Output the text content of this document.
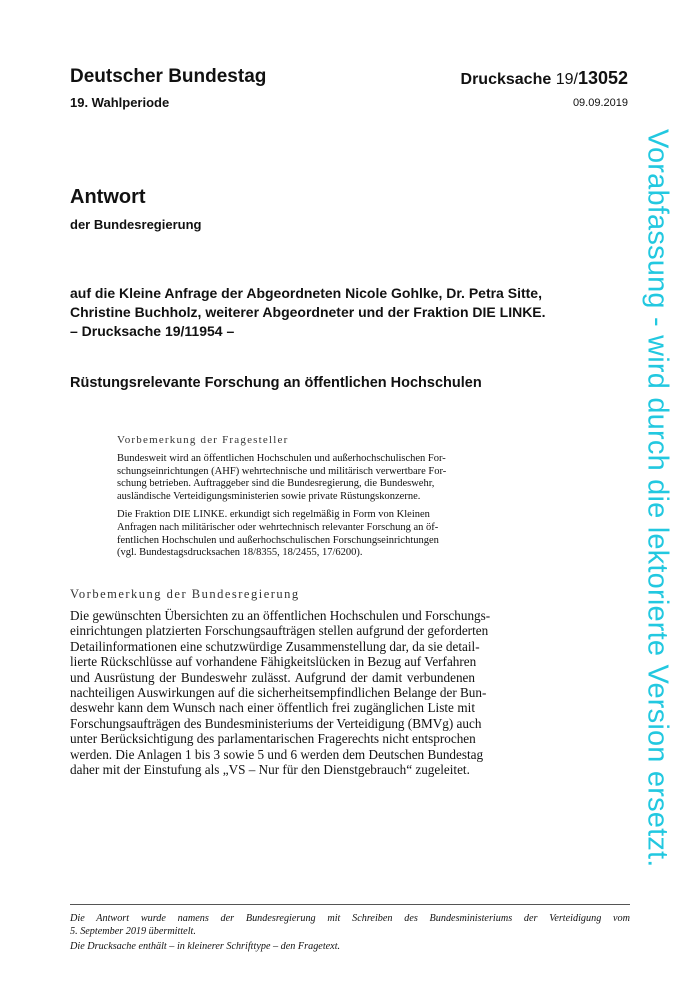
Deutscher Bundestag	Drucksache 19/13052
19. Wahlperiode	09.09.2019
Antwort
der Bundesregierung
auf die Kleine Anfrage der Abgeordneten Nicole Gohlke, Dr. Petra Sitte,
Christine Buchholz, weiterer Abgeordneter und der Fraktion DIE LINKE.
– Drucksache 19/11954 –
Rüstungsrelevante Forschung an öffentlichen Hochschulen
Vorbemerkung der Fragesteller

Bundesweit wird an öffentlichen Hochschulen und außerhochschulischen For-
schungseinrichtungen (AHF) wehrtechnische und militärisch verwertbare For-
schung betrieben. Auftraggeber sind die Bundesregierung, die Bundeswehr,
ausländische Verteidigungsministerien sowie private Rüstungskonzerne.

Die Fraktion DIE LINKE. erkundigt sich regelmäßig in Form von Kleinen
Anfragen nach militärischer oder wehrtechnisch relevanter Forschung an öf-
fentlichen Hochschulen und außerhochschulischen Forschungseinrichtungen
(vgl. Bundestagsdrucksachen 18/8355, 18/2455, 17/6200).

Vorbemerkung der Bundesregierung

Die gewünschten Übersichten zu an öffentlichen Hochschulen und Forschungs-
einrichtungen platzierten Forschungsaufträgen stellen aufgrund der geforderten
Detailinformationen eine schutzwürdige Zusammenstellung dar, da sie detail-
lierte Rückschlüsse auf vorhandene Fähigkeitslücken in Bezug auf Verfahren
und Ausrüstung der Bundeswehr zulässt. Aufgrund der damit verbundenen
nachteiligen Auswirkungen auf die sicherheitsempfindlichen Belange der Bun-
deswehr kann dem Wunsch nach einer öffentlich frei zugänglichen Liste mit
Forschungsaufträgen des Bundesministeriums der Verteidigung (BMVg) auch
unter Berücksichtigung des parlamentarischen Fragerechts nicht entsprochen
werden. Die Anlagen 1 bis 3 sowie 5 und 6 werden dem Deutschen Bundestag
daher mit der Einstufung als „VS – Nur für den Dienstgebrauch“ zugeleitet.

Die Antwort wurde namens der Bundesregierung mit Schreiben des Bundesministeriums der Verteidigung vom
5. September 2019 übermittelt.
Die Drucksache enthält – in kleinerer Schrifttype – den Fragetext.
Vorabfassung - wird durch die lektorierte Version ersetzt.
